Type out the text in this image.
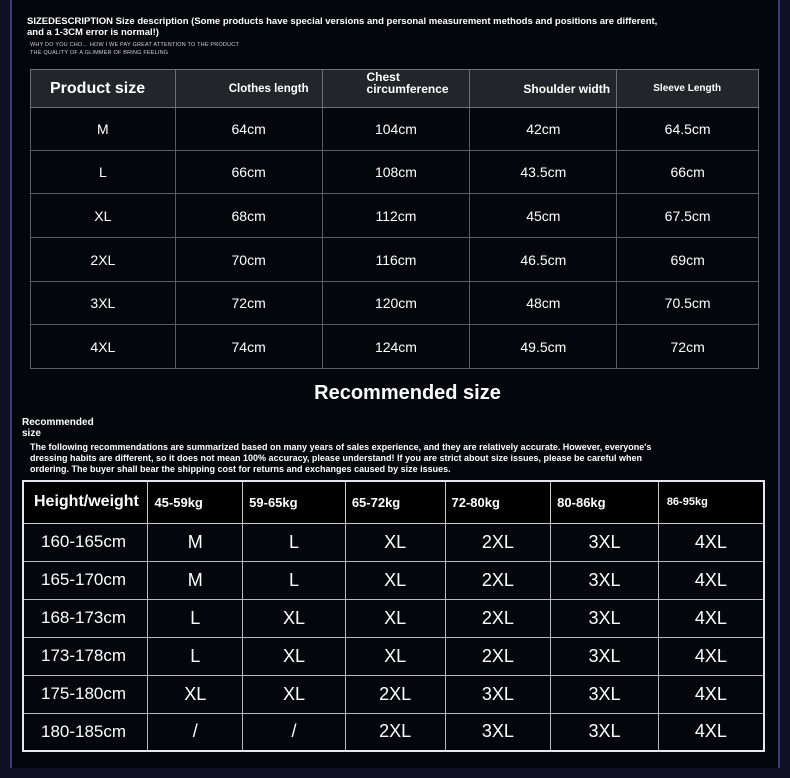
SIZEDESCRIPTION Size description (Some products have special versions and personal measurement methods and positions are different, and a 1-3CM error is normal!)
WHY DO YOU CHO… HOW I WE PAY GREAT ATTENTION TO THE PRODUCT
THE QUALITY OF A GLIMMER OF BRING FEELING
Product size	Clothes length	Chest circumference	Shoulder width	Sleeve Length
M	64cm	104cm	42cm	64.5cm
L	66cm	108cm	43.5cm	66cm
XL	68cm	112cm	45cm	67.5cm
2XL	70cm	116cm	46.5cm	69cm
3XL	72cm	120cm	48cm	70.5cm
4XL	74cm	124cm	49.5cm	72cm
Recommended size
Recommended size
The following recommendations are summarized based on many years of sales experience, and they are relatively accurate. However, everyone's dressing habits are different, so it does not mean 100% accuracy, please understand! If you are strict about size issues, please be careful when ordering. The buyer shall bear the shipping cost for returns and exchanges caused by size issues.
Height/weight	45-59kg	59-65kg	65-72kg	72-80kg	80-86kg	86-95kg
160-165cm	M	L	XL	2XL	3XL	4XL
165-170cm	M	L	XL	2XL	3XL	4XL
168-173cm	L	XL	XL	2XL	3XL	4XL
173-178cm	L	XL	XL	2XL	3XL	4XL
175-180cm	XL	XL	2XL	3XL	3XL	4XL
180-185cm	/	/	2XL	3XL	3XL	4XL
